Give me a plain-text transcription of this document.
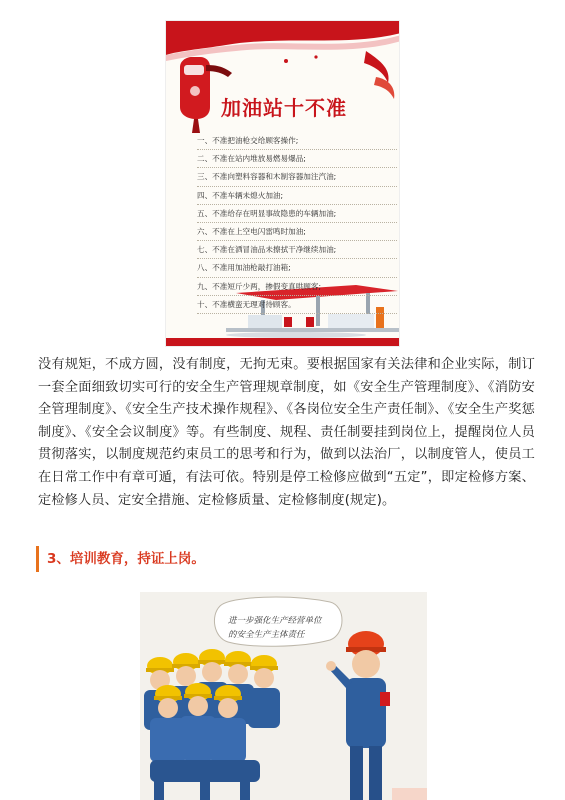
加油站十不准
一、不准把油枪交给顾客操作;
二、不准在站内堆放易燃易爆品;
三、不准向塑料容器和木制容器加注汽油;
四、不准车辆未熄火加油;
五、不准给存在明显事故隐患的车辆加油;
六、不准在上空电闪雷鸣时加油;
七、不准在洒冒油品未擦拭干净继续加油;
八、不准用加油枪敲打油箱;
九、不准短斤少两，掺假变真哄顾客;
十、不准横蛮无理对待顾客。

没有规矩，不成方圆，没有制度，无拘无束。要根据国家有关法律和企业实际，制订一套全面细致切实可行的安全生产管理规章制度，如《安全生产管理制度》、《消防安全管理制度》、《安全生产技术操作规程》、《各岗位安全生产责任制》、《安全生产奖惩制度》、《安全会议制度》等。有些制度、规程、责任制要挂到岗位上，提醒岗位人员贯彻落实，以制度规范约束员工的思考和行为，做到以法治厂，以制度管人，使员工在日常工作中有章可遁，有法可依。特别是停工检修应做到“五定”，即定检修方案、定检修人员、定安全措施、定检修质量、定检修制度(规定)。

3、培训教育，持证上岗。
进一步强化生产经营单位
的安全生产主体责任
